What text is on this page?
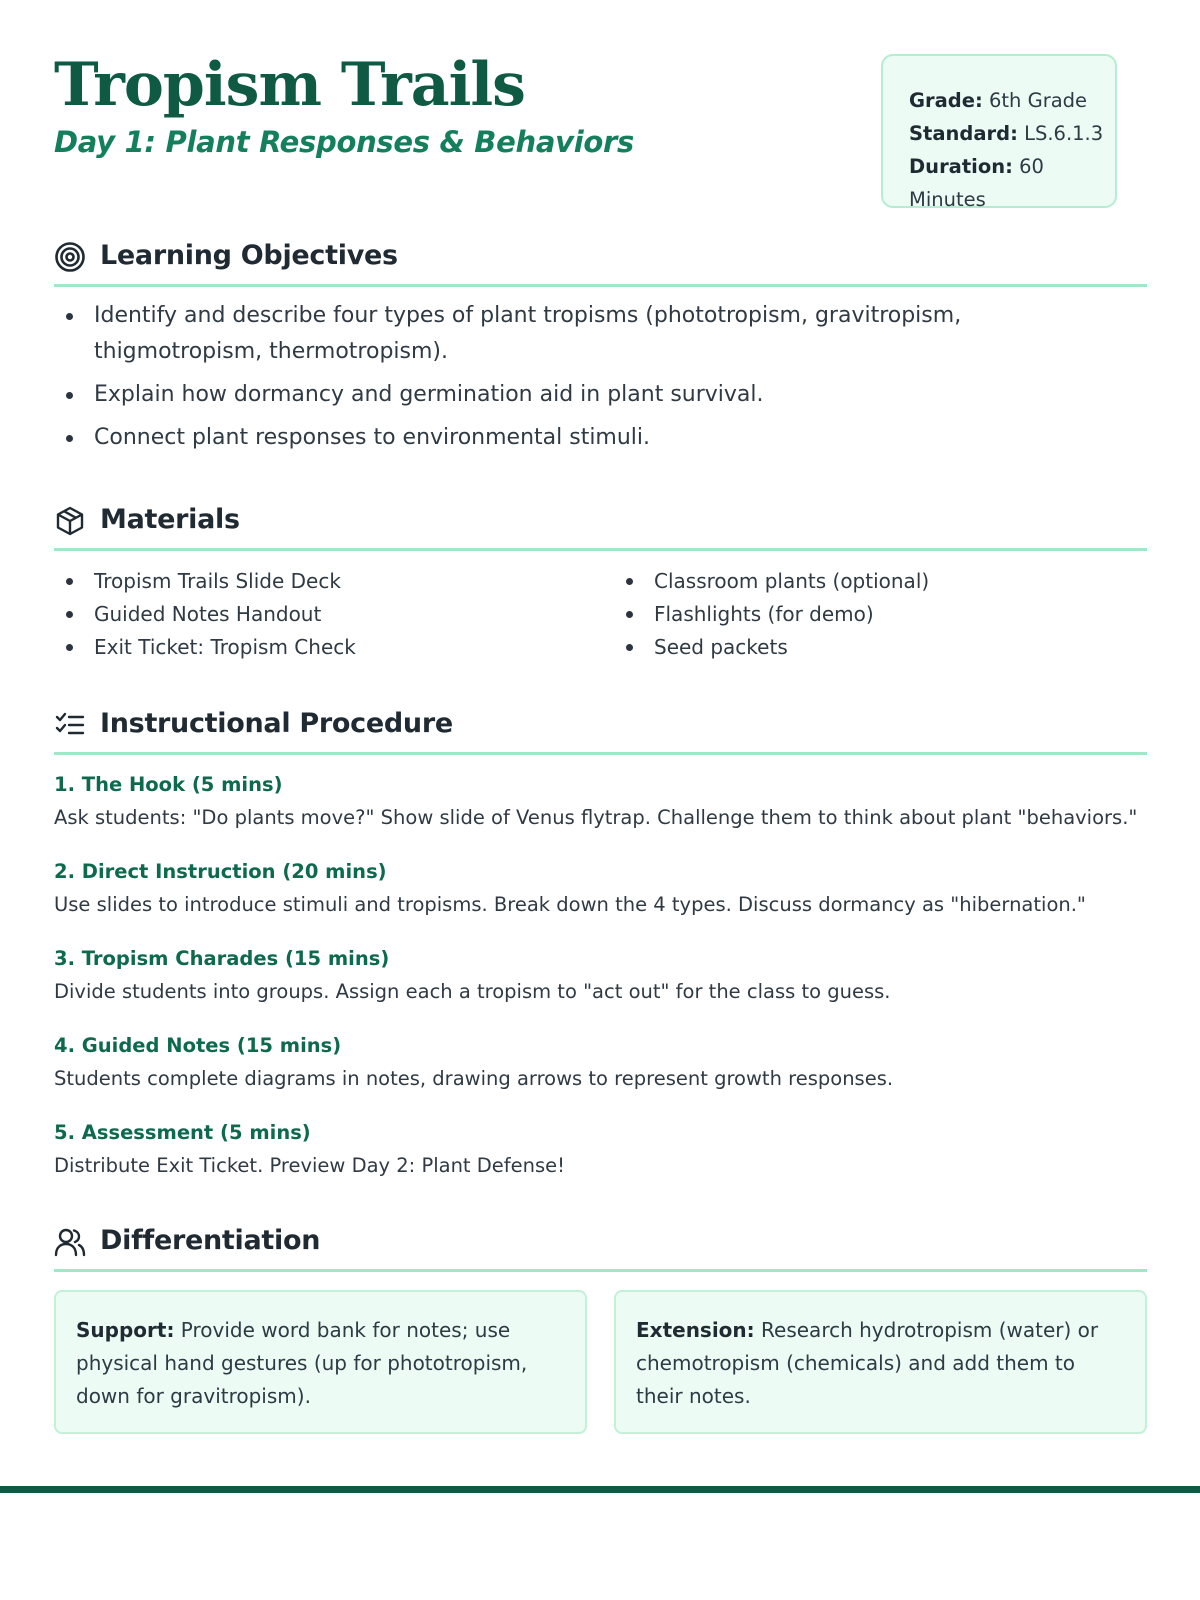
Tropism Trails
Day 1: Plant Responses & Behaviors
Grade: 6th Grade
Standard: LS.6.1.3
Duration: 60 Minutes
Learning Objectives
Identify and describe four types of plant tropisms (phototropism, gravitropism, thigmotropism, thermotropism).
Explain how dormancy and germination aid in plant survival.
Connect plant responses to environmental stimuli.
Materials
Tropism Trails Slide Deck
Guided Notes Handout
Exit Ticket: Tropism Check
Classroom plants (optional)
Flashlights (for demo)
Seed packets
Instructional Procedure
1. The Hook (5 mins)
Ask students: "Do plants move?" Show slide of Venus flytrap. Challenge them to think about plant "behaviors."
2. Direct Instruction (20 mins)
Use slides to introduce stimuli and tropisms. Break down the 4 types. Discuss dormancy as "hibernation."
3. Tropism Charades (15 mins)
Divide students into groups. Assign each a tropism to "act out" for the class to guess.
4. Guided Notes (15 mins)
Students complete diagrams in notes, drawing arrows to represent growth responses.
5. Assessment (5 mins)
Distribute Exit Ticket. Preview Day 2: Plant Defense!
Differentiation
Support: Provide word bank for notes; use physical hand gestures (up for phototropism, down for gravitropism).
Extension: Research hydrotropism (water) or chemotropism (chemicals) and add them to their notes.
